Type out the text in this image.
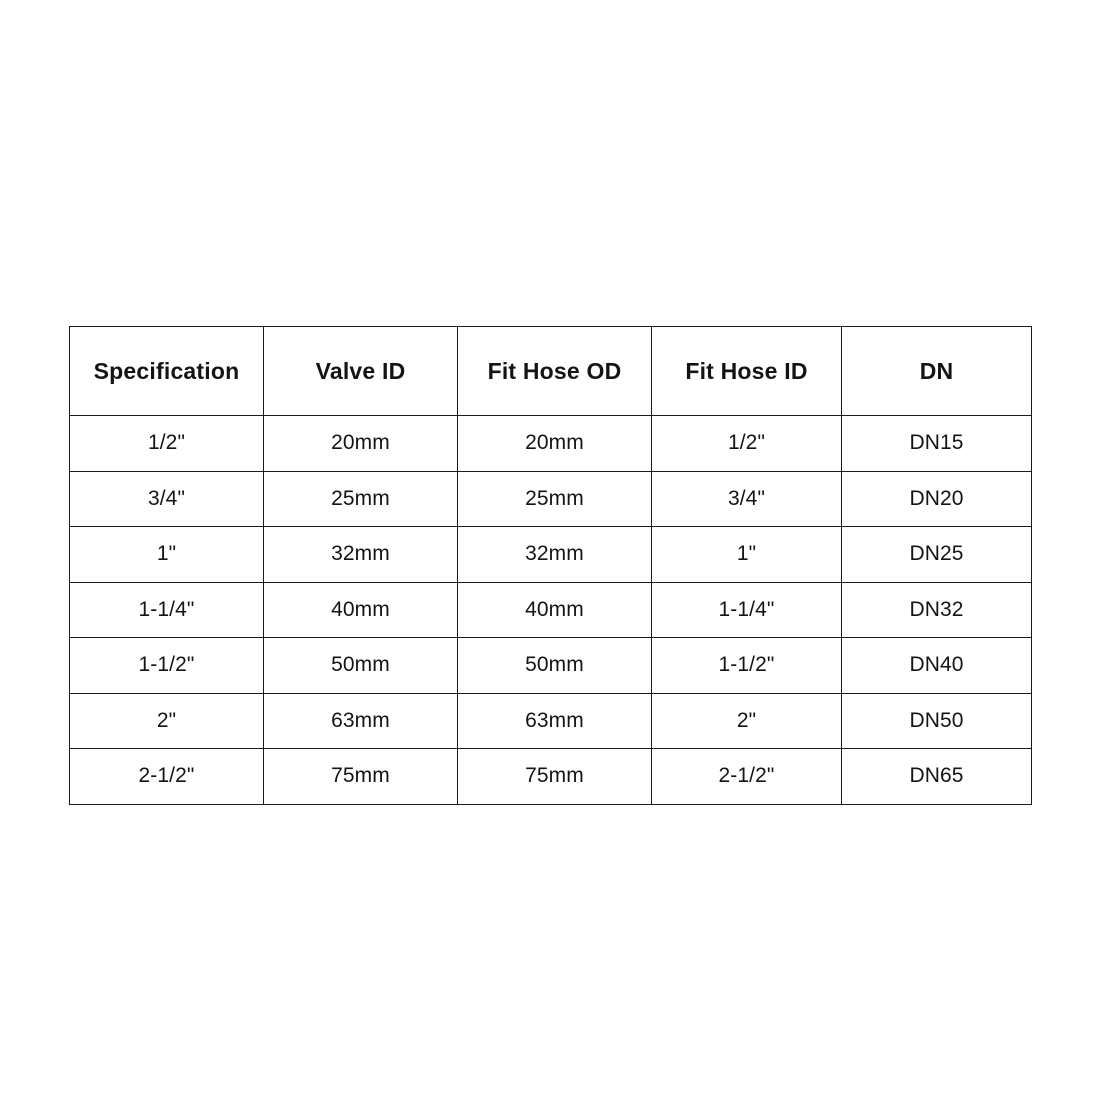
Specification	Valve ID	Fit Hose OD	Fit Hose ID	DN
1/2"	20mm	20mm	1/2"	DN15
3/4"	25mm	25mm	3/4"	DN20
1"	32mm	32mm	1"	DN25
1-1/4"	40mm	40mm	1-1/4"	DN32
1-1/2"	50mm	50mm	1-1/2"	DN40
2"	63mm	63mm	2"	DN50
2-1/2"	75mm	75mm	2-1/2"	DN65
